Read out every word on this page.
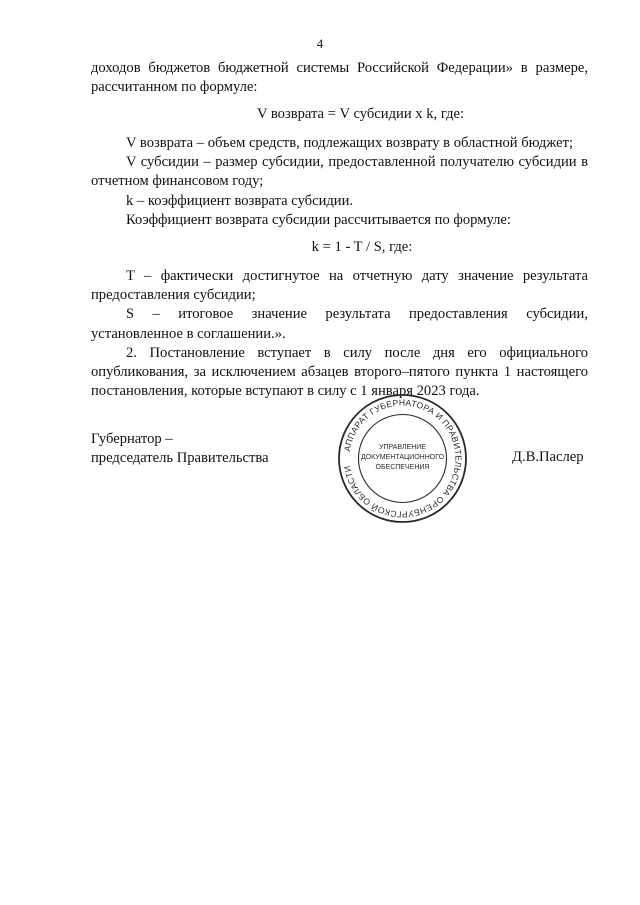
4

доходов бюджетов бюджетной системы Российской Федерации» в размере, рассчитанном по формуле:

V возврата = V субсидии x k, где:

V возврата – объем средств, подлежащих возврату в областной бюджет;

V субсидии – размер субсидии, предоставленной получателю субсидии в отчетном финансовом году;

k – коэффициент возврата субсидии.

Коэффициент возврата субсидии рассчитывается по формуле:

k = 1 - T / S, где:

T – фактически достигнутое на отчетную дату значение результата предоставления субсидии;

S – итоговое значение результата предоставления субсидии, установленное в соглашении.».

2. Постановление вступает в силу после дня его официального опубликования, за исключением абзацев второго–пятого пункта 1 настоящего постановления, которые вступают в силу с 1 января 2023 года.

Губернатор –
председатель Правительства
АППАРАТ ГУБЕРНАТОРА И ПРАВИТЕЛЬСТВА ОРЕНБУРГСКОЙ ОБЛАСТИ
УПРАВЛЕНИЕ
ДОКУМЕНТАЦИОННОГО
ОБЕСПЕЧЕНИЯ
Д.В.Паслер
